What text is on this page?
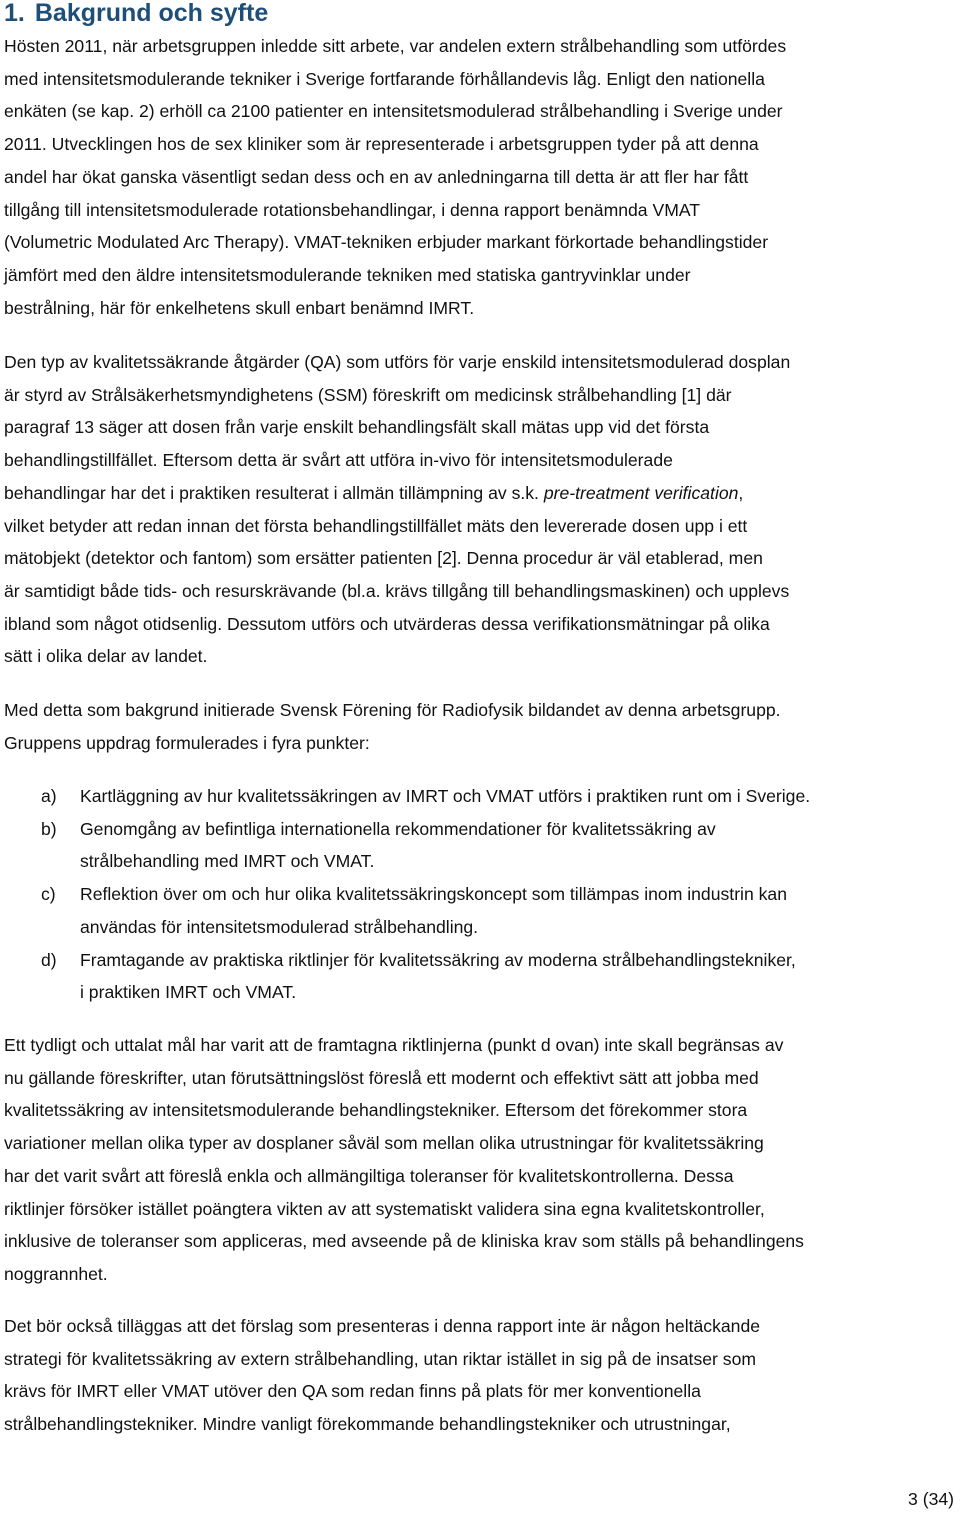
1. Bakgrund och syfte

Hösten 2011, när arbetsgruppen inledde sitt arbete, var andelen extern strålbehandling som utfördes
med intensitetsmodulerande tekniker i Sverige fortfarande förhållandevis låg. Enligt den nationella
enkäten (se kap. 2) erhöll ca 2100 patienter en intensitetsmodulerad strålbehandling i Sverige under
2011. Utvecklingen hos de sex kliniker som är representerade i arbetsgruppen tyder på att denna
andel har ökat ganska väsentligt sedan dess och en av anledningarna till detta är att fler har fått
tillgång till intensitetsmodulerade rotationsbehandlingar, i denna rapport benämnda VMAT
(Volumetric Modulated Arc Therapy). VMAT-tekniken erbjuder markant förkortade behandlingstider
jämfört med den äldre intensitetsmodulerande tekniken med statiska gantryvinklar under
bestrålning, här för enkelhetens skull enbart benämnd IMRT.

Den typ av kvalitetssäkrande åtgärder (QA) som utförs för varje enskild intensitetsmodulerad dosplan
är styrd av Strålsäkerhetsmyndighetens (SSM) föreskrift om medicinsk strålbehandling [1] där
paragraf 13 säger att dosen från varje enskilt behandlingsfält skall mätas upp vid det första
behandlingstillfället. Eftersom detta är svårt att utföra in-vivo för intensitetsmodulerade
behandlingar har det i praktiken resulterat i allmän tillämpning av s.k. pre-treatment verification,
vilket betyder att redan innan det första behandlingstillfället mäts den levererade dosen upp i ett
mätobjekt (detektor och fantom) som ersätter patienten [2]. Denna procedur är väl etablerad, men
är samtidigt både tids- och resurskrävande (bl.a. krävs tillgång till behandlingsmaskinen) och upplevs
ibland som något otidsenlig. Dessutom utförs och utvärderas dessa verifikationsmätningar på olika
sätt i olika delar av landet.

Med detta som bakgrund initierade Svensk Förening för Radiofysik bildandet av denna arbetsgrupp.
Gruppens uppdrag formulerades i fyra punkter:

a) Kartläggning av hur kvalitetssäkringen av IMRT och VMAT utförs i praktiken runt om i Sverige.
b) Genomgång av befintliga internationella rekommendationer för kvalitetssäkring av
strålbehandling med IMRT och VMAT.
c) Reflektion över om och hur olika kvalitetssäkringskoncept som tillämpas inom industrin kan
användas för intensitetsmodulerad strålbehandling.
d) Framtagande av praktiska riktlinjer för kvalitetssäkring av moderna strålbehandlingstekniker,
i praktiken IMRT och VMAT.

Ett tydligt och uttalat mål har varit att de framtagna riktlinjerna (punkt d ovan) inte skall begränsas av
nu gällande föreskrifter, utan förutsättningslöst föreslå ett modernt och effektivt sätt att jobba med
kvalitetssäkring av intensitetsmodulerande behandlingstekniker. Eftersom det förekommer stora
variationer mellan olika typer av dosplaner såväl som mellan olika utrustningar för kvalitetssäkring
har det varit svårt att föreslå enkla och allmängiltiga toleranser för kvalitetskontrollerna. Dessa
riktlinjer försöker istället poängtera vikten av att systematiskt validera sina egna kvalitetskontroller,
inklusive de toleranser som appliceras, med avseende på de kliniska krav som ställs på behandlingens
noggrannhet.

Det bör också tilläggas att det förslag som presenteras i denna rapport inte är någon heltäckande
strategi för kvalitetssäkring av extern strålbehandling, utan riktar istället in sig på de insatser som
krävs för IMRT eller VMAT utöver den QA som redan finns på plats för mer konventionella
strålbehandlingstekniker. Mindre vanligt förekommande behandlingstekniker och utrustningar,

3 (34)
